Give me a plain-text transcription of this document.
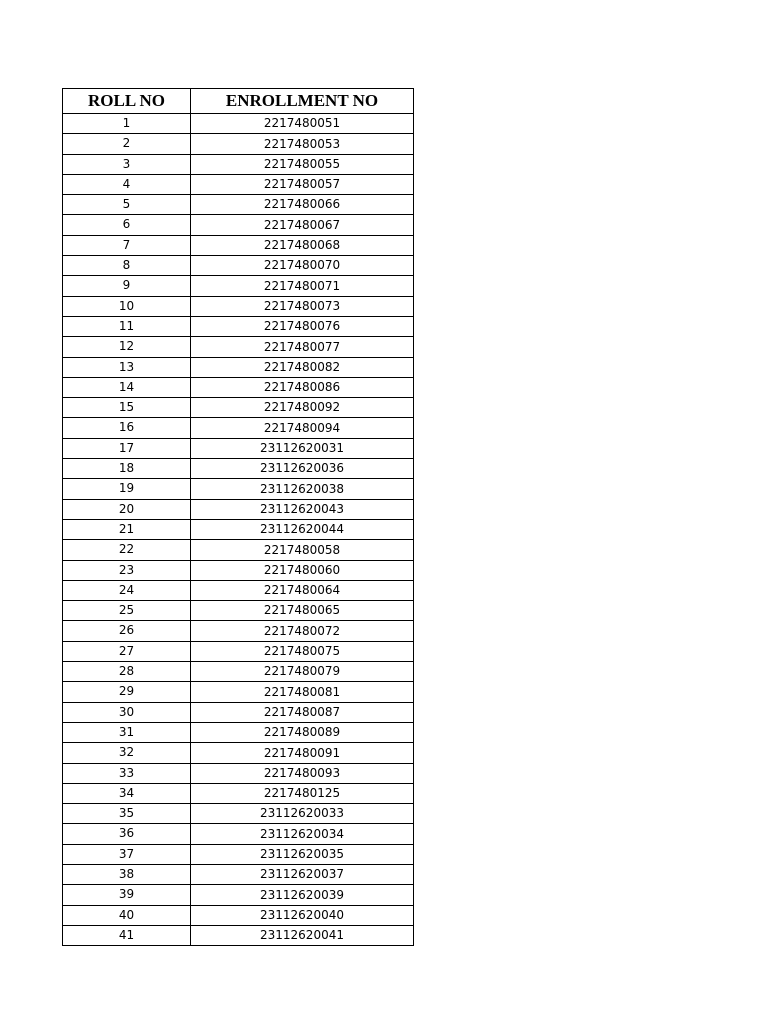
ROLL NO	ENROLLMENT NO
1	2217480051
2	2217480053
3	2217480055
4	2217480057
5	2217480066
6	2217480067
7	2217480068
8	2217480070
9	2217480071
10	2217480073
11	2217480076
12	2217480077
13	2217480082
14	2217480086
15	2217480092
16	2217480094
17	23112620031
18	23112620036
19	23112620038
20	23112620043
21	23112620044
22	2217480058
23	2217480060
24	2217480064
25	2217480065
26	2217480072
27	2217480075
28	2217480079
29	2217480081
30	2217480087
31	2217480089
32	2217480091
33	2217480093
34	2217480125
35	23112620033
36	23112620034
37	23112620035
38	23112620037
39	23112620039
40	23112620040
41	23112620041
